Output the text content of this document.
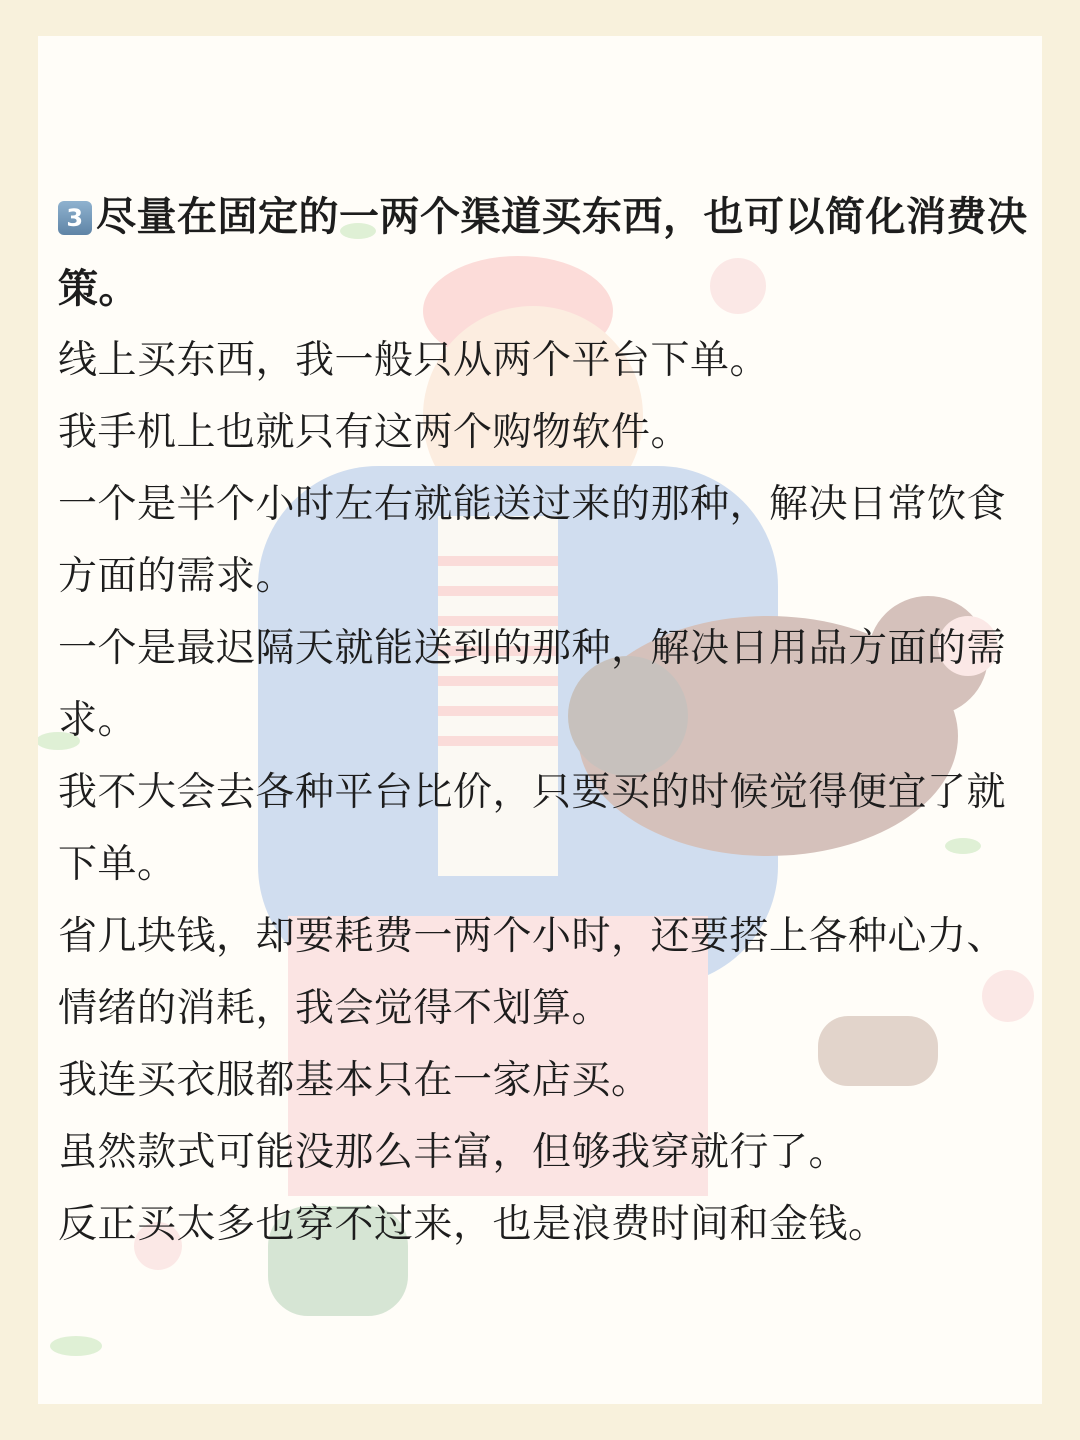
3 尽量在固定的一两个渠道买东西，也可以简化消费决策。

线上买东西，我一般只从两个平台下单。

我手机上也就只有这两个购物软件。

一个是半个小时左右就能送过来的那种，解决日常饮食方面的需求。

一个是最迟隔天就能送到的那种，解决日用品方面的需求。

我不大会去各种平台比价，只要买的时候觉得便宜了就下单。

省几块钱，却要耗费一两个小时，还要搭上各种心力、情绪的消耗，我会觉得不划算。

我连买衣服都基本只在一家店买。

虽然款式可能没那么丰富，但够我穿就行了。

反正买太多也穿不过来，也是浪费时间和金钱。
